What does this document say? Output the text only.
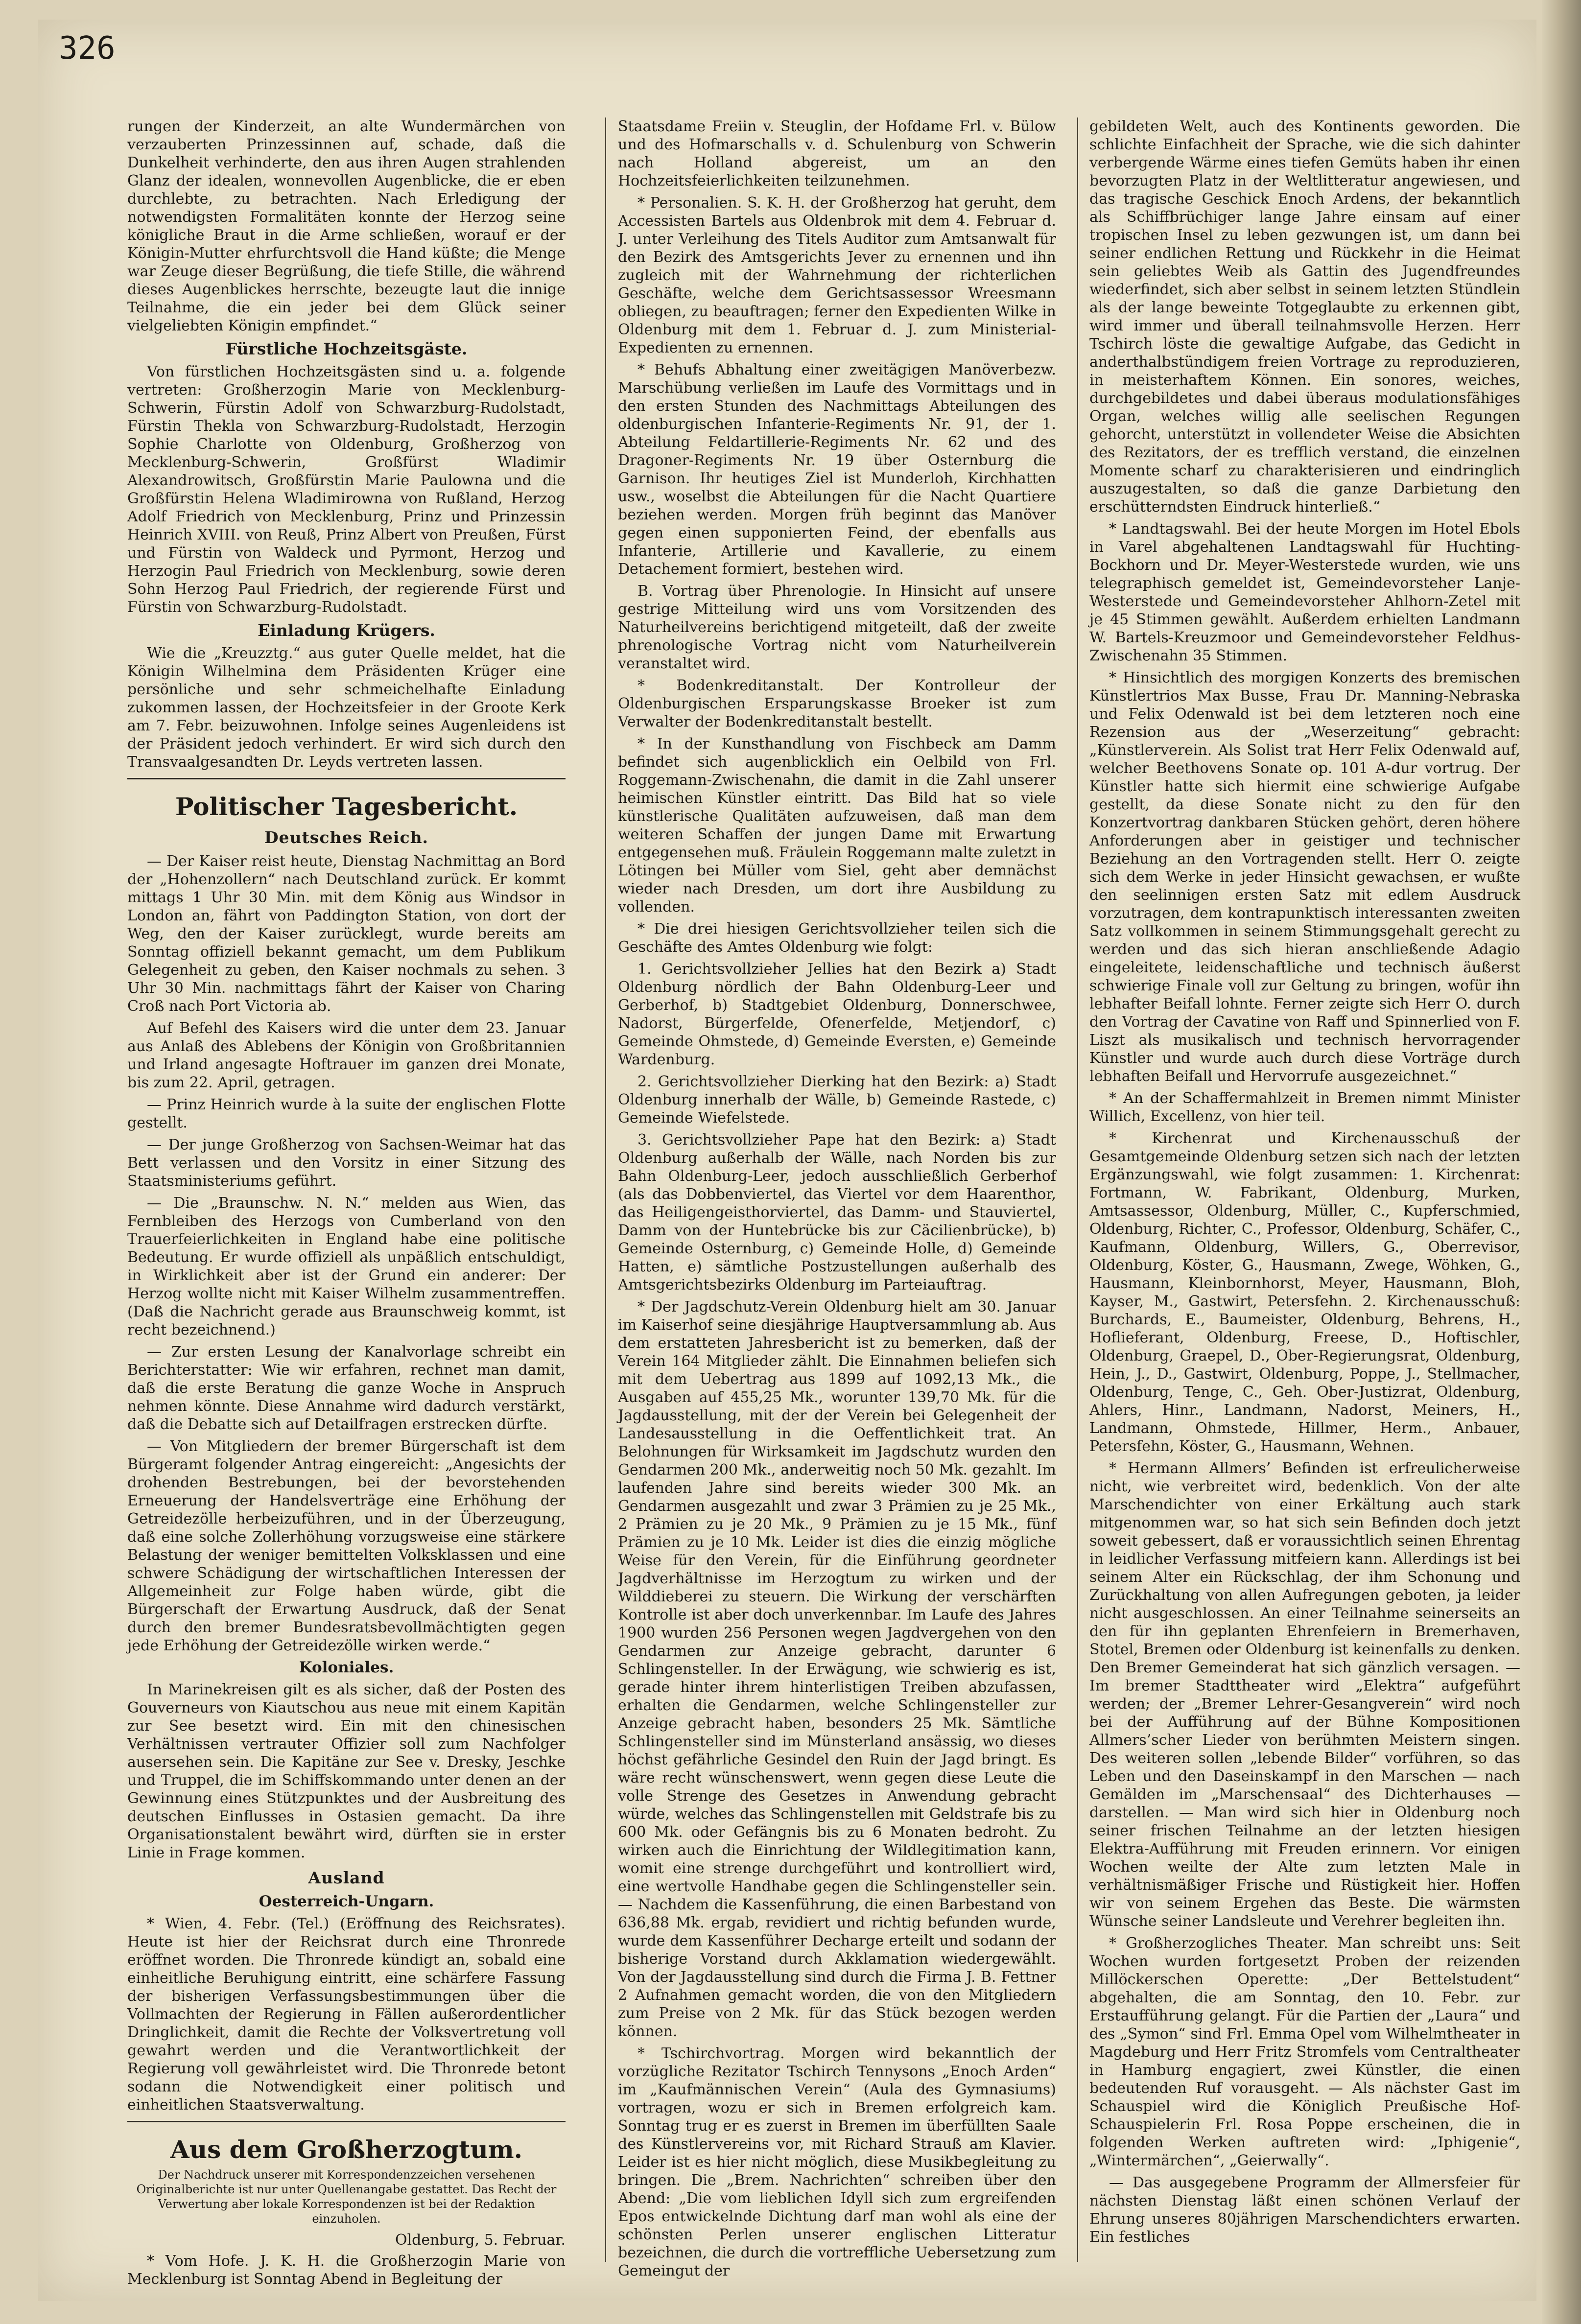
326

rungen der Kinderzeit, an alte Wundermärchen von verzauberten Prinzessinnen auf, schade, daß die Dunkelheit verhinderte, den aus ihren Augen strahlenden Glanz der idealen, wonnevollen Augenblicke, die er eben durchlebte, zu betrachten. Nach Erledigung der notwendigsten Formalitäten konnte der Herzog seine königliche Braut in die Arme schließen, worauf er der Königin-Mutter ehrfurchtsvoll die Hand küßte; die Menge war Zeuge dieser Begrüßung, die tiefe Stille, die während dieses Augenblickes herrschte, bezeugte laut die innige Teilnahme, die ein jeder bei dem Glück seiner vielgeliebten Königin empfindet.“

Fürstliche Hochzeitsgäste.

Von fürstlichen Hochzeitsgästen sind u. a. folgende vertreten: Großherzogin Marie von Mecklenburg-Schwerin, Fürstin Adolf von Schwarzburg-Rudolstadt, Fürstin Thekla von Schwarzburg-Rudolstadt, Herzogin Sophie Charlotte von Oldenburg, Großherzog von Mecklenburg-Schwerin, Großfürst Wladimir Alexandrowitsch, Großfürstin Marie Paulowna und die Großfürstin Helena Wladimirowna von Rußland, Herzog Adolf Friedrich von Mecklenburg, Prinz und Prinzessin Heinrich XVIII. von Reuß, Prinz Albert von Preußen, Fürst und Fürstin von Waldeck und Pyrmont, Herzog und Herzogin Paul Friedrich von Mecklenburg, sowie deren Sohn Herzog Paul Friedrich, der regierende Fürst und Fürstin von Schwarzburg-Rudolstadt.

Einladung Krügers.

Wie die „Kreuzztg.“ aus guter Quelle meldet, hat die Königin Wilhelmina dem Präsidenten Krüger eine persönliche und sehr schmeichelhafte Einladung zukommen lassen, der Hochzeitsfeier in der Groote Kerk am 7. Febr. beizuwohnen. Infolge seines Augenleidens ist der Präsident jedoch verhindert. Er wird sich durch den Transvaalgesandten Dr. Leyds vertreten lassen.

Politischer Tagesbericht.
Deutsches Reich.

— Der Kaiser reist heute, Dienstag Nachmittag an Bord der „Hohenzollern“ nach Deutschland zurück. Er kommt mittags 1 Uhr 30 Min. mit dem König aus Windsor in London an, fährt von Paddington Station, von dort der Weg, den der Kaiser zurücklegt, wurde bereits am Sonntag offiziell bekannt gemacht, um dem Publikum Gelegenheit zu geben, den Kaiser nochmals zu sehen. 3 Uhr 30 Min. nachmittags fährt der Kaiser von Charing Croß nach Port Victoria ab.

Auf Befehl des Kaisers wird die unter dem 23. Januar aus Anlaß des Ablebens der Königin von Großbritannien und Irland angesagte Hoftrauer im ganzen drei Monate, bis zum 22. April, getragen.

— Prinz Heinrich wurde à la suite der englischen Flotte gestellt.

— Der junge Großherzog von Sachsen-Weimar hat das Bett verlassen und den Vorsitz in einer Sitzung des Staatsministeriums geführt.

— Die „Braunschw. N. N.“ melden aus Wien, das Fernbleiben des Herzogs von Cumberland von den Trauerfeierlichkeiten in England habe eine politische Bedeutung. Er wurde offiziell als unpäßlich entschuldigt, in Wirklichkeit aber ist der Grund ein anderer: Der Herzog wollte nicht mit Kaiser Wilhelm zusammentreffen. (Daß die Nachricht gerade aus Braunschweig kommt, ist recht bezeichnend.)

— Zur ersten Lesung der Kanalvorlage schreibt ein Berichterstatter: Wie wir erfahren, rechnet man damit, daß die erste Beratung die ganze Woche in Anspruch nehmen könnte. Diese Annahme wird dadurch verstärkt, daß die Debatte sich auf Detailfragen erstrecken dürfte.

— Von Mitgliedern der bremer Bürgerschaft ist dem Bürgeramt folgender Antrag eingereicht: „Angesichts der drohenden Bestrebungen, bei der bevorstehenden Erneuerung der Handelsverträge eine Erhöhung der Getreidezölle herbeizuführen, und in der Überzeugung, daß eine solche Zollerhöhung vorzugsweise eine stärkere Belastung der weniger bemittelten Volksklassen und eine schwere Schädigung der wirtschaftlichen Interessen der Allgemeinheit zur Folge haben würde, gibt die Bürgerschaft der Erwartung Ausdruck, daß der Senat durch den bremer Bundesratsbevollmächtigten gegen jede Erhöhung der Getreidezölle wirken werde.“

Koloniales.

In Marinekreisen gilt es als sicher, daß der Posten des Gouverneurs von Kiautschou aus neue mit einem Kapitän zur See besetzt wird. Ein mit den chinesischen Verhältnissen vertrauter Offizier soll zum Nachfolger ausersehen sein. Die Kapitäne zur See v. Dresky, Jeschke und Truppel, die im Schiffskommando unter denen an der Gewinnung eines Stützpunktes und der Ausbreitung des deutschen Einflusses in Ostasien gemacht. Da ihre Organisationstalent bewährt wird, dürften sie in erster Linie in Frage kommen.

Ausland
Oesterreich-Ungarn.

* Wien, 4. Febr. (Tel.) (Eröffnung des Reichsrates). Heute ist hier der Reichsrat durch eine Thronrede eröffnet worden. Die Thronrede kündigt an, sobald eine einheitliche Beruhigung eintritt, eine schärfere Fassung der bisherigen Verfassungsbestimmungen über die Vollmachten der Regierung in Fällen außerordentlicher Dringlichkeit, damit die Rechte der Volksvertretung voll gewahrt werden und die Verantwortlichkeit der Regierung voll gewährleistet wird. Die Thronrede betont sodann die Notwendigkeit einer politisch und einheitlichen Staatsverwaltung.

Aus dem Großherzogtum.
Der Nachdruck unserer mit Korrespondenzzeichen versehenen Originalberichte ist nur unter Quellenangabe gestattet. Das Recht der Verwertung aber lokale Korrespondenzen ist bei der Redaktion einzuholen.
Oldenburg, 5. Februar.

* Vom Hofe. J. K. H. die Großherzogin Marie von Mecklenburg ist Sonntag Abend in Begleitung der

Staatsdame Freiin v. Steuglin, der Hofdame Frl. v. Bülow und des Hofmarschalls v. d. Schulenburg von Schwerin nach Holland abgereist, um an den Hochzeitsfeierlichkeiten teilzunehmen.

* Personalien. S. K. H. der Großherzog hat geruht, dem Accessisten Bartels aus Oldenbrok mit dem 4. Februar d. J. unter Verleihung des Titels Auditor zum Amtsanwalt für den Bezirk des Amtsgerichts Jever zu ernennen und ihn zugleich mit der Wahrnehmung der richterlichen Geschäfte, welche dem Gerichtsassessor Wreesmann obliegen, zu beauftragen; ferner den Expedienten Wilke in Oldenburg mit dem 1. Februar d. J. zum Ministerial-Expedienten zu ernennen.

* Behufs Abhaltung einer zweitägigen Manöverbezw. Marschübung verließen im Laufe des Vormittags und in den ersten Stunden des Nachmittags Abteilungen des oldenburgischen Infanterie-Regiments Nr. 91, der 1. Abteilung Feldartillerie-Regiments Nr. 62 und des Dragoner-Regiments Nr. 19 über Osternburg die Garnison. Ihr heutiges Ziel ist Munderloh, Kirchhatten usw., woselbst die Abteilungen für die Nacht Quartiere beziehen werden. Morgen früh beginnt das Manöver gegen einen supponierten Feind, der ebenfalls aus Infanterie, Artillerie und Kavallerie, zu einem Detachement formiert, bestehen wird.

B. Vortrag über Phrenologie. In Hinsicht auf unsere gestrige Mitteilung wird uns vom Vorsitzenden des Naturheilvereins berichtigend mitgeteilt, daß der zweite phrenologische Vortrag nicht vom Naturheilverein veranstaltet wird.

* Bodenkreditanstalt. Der Kontrolleur der Oldenburgischen Ersparungskasse Broeker ist zum Verwalter der Bodenkreditanstalt bestellt.

* In der Kunsthandlung von Fischbeck am Damm befindet sich augenblicklich ein Oelbild von Frl. Roggemann-Zwischenahn, die damit in die Zahl unserer heimischen Künstler eintritt. Das Bild hat so viele künstlerische Qualitäten aufzuweisen, daß man dem weiteren Schaffen der jungen Dame mit Erwartung entgegensehen muß. Fräulein Roggemann malte zuletzt in Lötingen bei Müller vom Siel, geht aber demnächst wieder nach Dresden, um dort ihre Ausbildung zu vollenden.

* Die drei hiesigen Gerichtsvollzieher teilen sich die Geschäfte des Amtes Oldenburg wie folgt:

1. Gerichtsvollzieher Jellies hat den Bezirk a) Stadt Oldenburg nördlich der Bahn Oldenburg-Leer und Gerberhof, b) Stadtgebiet Oldenburg, Donnerschwee, Nadorst, Bürgerfelde, Ofenerfelde, Metjendorf, c) Gemeinde Ohmstede, d) Gemeinde Eversten, e) Gemeinde Wardenburg.

2. Gerichtsvollzieher Dierking hat den Bezirk: a) Stadt Oldenburg innerhalb der Wälle, b) Gemeinde Rastede, c) Gemeinde Wiefelstede.

3. Gerichtsvollzieher Pape hat den Bezirk: a) Stadt Oldenburg außerhalb der Wälle, nach Norden bis zur Bahn Oldenburg-Leer, jedoch ausschließlich Gerberhof (als das Dobbenviertel, das Viertel vor dem Haarenthor, das Heiligengeisthorviertel, das Damm- und Stauviertel, Damm von der Huntebrücke bis zur Cäcilienbrücke), b) Gemeinde Osternburg, c) Gemeinde Holle, d) Gemeinde Hatten, e) sämtliche Postzustellungen außerhalb des Amtsgerichtsbezirks Oldenburg im Parteiauftrag.

* Der Jagdschutz-Verein Oldenburg hielt am 30. Januar im Kaiserhof seine diesjährige Hauptversammlung ab. Aus dem erstatteten Jahresbericht ist zu bemerken, daß der Verein 164 Mitglieder zählt. Die Einnahmen beliefen sich mit dem Uebertrag aus 1899 auf 1092,13 Mk., die Ausgaben auf 455,25 Mk., worunter 139,70 Mk. für die Jagdausstellung, mit der der Verein bei Gelegenheit der Landesausstellung in die Oeffentlichkeit trat. An Belohnungen für Wirksamkeit im Jagdschutz wurden den Gendarmen 200 Mk., anderweitig noch 50 Mk. gezahlt. Im laufenden Jahre sind bereits wieder 300 Mk. an Gendarmen ausgezahlt und zwar 3 Prämien zu je 25 Mk., 2 Prämien zu je 20 Mk., 9 Prämien zu je 15 Mk., fünf Prämien zu je 10 Mk. Leider ist dies die einzig mögliche Weise für den Verein, für die Einführung geordneter Jagdverhältnisse im Herzogtum zu wirken und der Wilddieberei zu steuern. Die Wirkung der verschärften Kontrolle ist aber doch unverkennbar. Im Laufe des Jahres 1900 wurden 256 Personen wegen Jagdvergehen von den Gendarmen zur Anzeige gebracht, darunter 6 Schlingensteller. In der Erwägung, wie schwierig es ist, gerade hinter ihrem hinterlistigen Treiben abzufassen, erhalten die Gendarmen, welche Schlingensteller zur Anzeige gebracht haben, besonders 25 Mk. Sämtliche Schlingensteller sind im Münsterland ansässig, wo dieses höchst gefährliche Gesindel den Ruin der Jagd bringt. Es wäre recht wünschenswert, wenn gegen diese Leute die volle Strenge des Gesetzes in Anwendung gebracht würde, welches das Schlingenstellen mit Geldstrafe bis zu 600 Mk. oder Gefängnis bis zu 6 Monaten bedroht. Zu wirken auch die Einrichtung der Wildlegitimation kann, womit eine strenge durchgeführt und kontrolliert wird, eine wertvolle Handhabe gegen die Schlingensteller sein. — Nachdem die Kassenführung, die einen Barbestand von 636,88 Mk. ergab, revidiert und richtig befunden wurde, wurde dem Kassenführer Decharge erteilt und sodann der bisherige Vorstand durch Akklamation wiedergewählt. Von der Jagdausstellung sind durch die Firma J. B. Fettner 2 Aufnahmen gemacht worden, die von den Mitgliedern zum Preise von 2 Mk. für das Stück bezogen werden können.

* Tschirchvortrag. Morgen wird bekanntlich der vorzügliche Rezitator Tschirch Tennysons „Enoch Arden“ im „Kaufmännischen Verein“ (Aula des Gymnasiums) vortragen, wozu er sich in Bremen erfolgreich kam. Sonntag trug er es zuerst in Bremen im überfüllten Saale des Künstlervereins vor, mit Richard Strauß am Klavier. Leider ist es hier nicht möglich, diese Musikbegleitung zu bringen. Die „Brem. Nachrichten“ schreiben über den Abend: „Die vom lieblichen Idyll sich zum ergreifenden Epos entwickelnde Dichtung darf man wohl als eine der schönsten Perlen unserer englischen Litteratur bezeichnen, die durch die vortreffliche Uebersetzung zum Gemeingut der

gebildeten Welt, auch des Kontinents geworden. Die schlichte Einfachheit der Sprache, wie die sich dahinter verbergende Wärme eines tiefen Gemüts haben ihr einen bevorzugten Platz in der Weltlitteratur angewiesen, und das tragische Geschick Enoch Ardens, der bekanntlich als Schiffbrüchiger lange Jahre einsam auf einer tropischen Insel zu leben gezwungen ist, um dann bei seiner endlichen Rettung und Rückkehr in die Heimat sein geliebtes Weib als Gattin des Jugendfreundes wiederfindet, sich aber selbst in seinem letzten Stündlein als der lange beweinte Totgeglaubte zu erkennen gibt, wird immer und überall teilnahmsvolle Herzen. Herr Tschirch löste die gewaltige Aufgabe, das Gedicht in anderthalbstündigem freien Vortrage zu reproduzieren, in meisterhaftem Können. Ein sonores, weiches, durchgebildetes und dabei überaus modulationsfähiges Organ, welches willig alle seelischen Regungen gehorcht, unterstützt in vollendeter Weise die Absichten des Rezitators, der es trefflich verstand, die einzelnen Momente scharf zu charakterisieren und eindringlich auszugestalten, so daß die ganze Darbietung den erschütterndsten Eindruck hinterließ.“

* Landtagswahl. Bei der heute Morgen im Hotel Ebols in Varel abgehaltenen Landtagswahl für Huchting-Bockhorn und Dr. Meyer-Westerstede wurden, wie uns telegraphisch gemeldet ist, Gemeindevorsteher Lanje-Westerstede und Gemeindevorsteher Ahlhorn-Zetel mit je 45 Stimmen gewählt. Außerdem erhielten Landmann W. Bartels-Kreuzmoor und Gemeindevorsteher Feldhus-Zwischenahn 35 Stimmen.

* Hinsichtlich des morgigen Konzerts des bremischen Künstlertrios Max Busse, Frau Dr. Manning-Nebraska und Felix Odenwald ist bei dem letzteren noch eine Rezension aus der „Weserzeitung“ gebracht: „Künstlerverein. Als Solist trat Herr Felix Odenwald auf, welcher Beethovens Sonate op. 101 A-dur vortrug. Der Künstler hatte sich hiermit eine schwierige Aufgabe gestellt, da diese Sonate nicht zu den für den Konzertvortrag dankbaren Stücken gehört, deren höhere Anforderungen aber in geistiger und technischer Beziehung an den Vortragenden stellt. Herr O. zeigte sich dem Werke in jeder Hinsicht gewachsen, er wußte den seelinnigen ersten Satz mit edlem Ausdruck vorzutragen, dem kontrapunktisch interessanten zweiten Satz vollkommen in seinem Stimmungsgehalt gerecht zu werden und das sich hieran anschließende Adagio eingeleitete, leidenschaftliche und technisch äußerst schwierige Finale voll zur Geltung zu bringen, wofür ihn lebhafter Beifall lohnte. Ferner zeigte sich Herr O. durch den Vortrag der Cavatine von Raff und Spinnerlied von F. Liszt als musikalisch und technisch hervorragender Künstler und wurde auch durch diese Vorträge durch lebhaften Beifall und Hervorrufe ausgezeichnet.“

* An der Schaffermahlzeit in Bremen nimmt Minister Willich, Excellenz, von hier teil.

* Kirchenrat und Kirchenausschuß der Gesamtgemeinde Oldenburg setzen sich nach der letzten Ergänzungswahl, wie folgt zusammen: 1. Kirchenrat: Fortmann, W. Fabrikant, Oldenburg, Murken, Amtsassessor, Oldenburg, Müller, C., Kupferschmied, Oldenburg, Richter, C., Professor, Oldenburg, Schäfer, C., Kaufmann, Oldenburg, Willers, G., Oberrevisor, Oldenburg, Köster, G., Hausmann, Zwege, Wöhken, G., Hausmann, Kleinbornhorst, Meyer, Hausmann, Bloh, Kayser, M., Gastwirt, Petersfehn. 2. Kirchenausschuß: Burchards, E., Baumeister, Oldenburg, Behrens, H., Hoflieferant, Oldenburg, Freese, D., Hoftischler, Oldenburg, Graepel, D., Ober-Regierungsrat, Oldenburg, Hein, J., D., Gastwirt, Oldenburg, Poppe, J., Stellmacher, Oldenburg, Tenge, C., Geh. Ober-Justizrat, Oldenburg, Ahlers, Hinr., Landmann, Nadorst, Meiners, H., Landmann, Ohmstede, Hillmer, Herm., Anbauer, Petersfehn, Köster, G., Hausmann, Wehnen.

* Hermann Allmers’ Befinden ist erfreulicherweise nicht, wie verbreitet wird, bedenklich. Von der alte Marschendichter von einer Erkältung auch stark mitgenommen war, so hat sich sein Befinden doch jetzt soweit gebessert, daß er voraussichtlich seinen Ehrentag in leidlicher Verfassung mitfeiern kann. Allerdings ist bei seinem Alter ein Rückschlag, der ihm Schonung und Zurückhaltung von allen Aufregungen geboten, ja leider nicht ausgeschlossen. An einer Teilnahme seinerseits an den für ihn geplanten Ehrenfeiern in Bremerhaven, Stotel, Bremen oder Oldenburg ist keinenfalls zu denken. Den Bremer Gemeinderat hat sich gänzlich versagen. — Im bremer Stadttheater wird „Elektra“ aufgeführt werden; der „Bremer Lehrer-Gesangverein“ wird noch bei der Aufführung auf der Bühne Kompositionen Allmers’scher Lieder von berühmten Meistern singen. Des weiteren sollen „lebende Bilder“ vorführen, so das Leben und den Daseinskampf in den Marschen — nach Gemälden im „Marschensaal“ des Dichterhauses — darstellen. — Man wird sich hier in Oldenburg noch seiner frischen Teilnahme an der letzten hiesigen Elektra-Aufführung mit Freuden erinnern. Vor einigen Wochen weilte der Alte zum letzten Male in verhältnismäßiger Frische und Rüstigkeit hier. Hoffen wir von seinem Ergehen das Beste. Die wärmsten Wünsche seiner Landsleute und Verehrer begleiten ihn.

* Großherzogliches Theater. Man schreibt uns: Seit Wochen wurden fortgesetzt Proben der reizenden Millöckerschen Operette: „Der Bettelstudent“ abgehalten, die am Sonntag, den 10. Febr. zur Erstaufführung gelangt. Für die Partien der „Laura“ und des „Symon“ sind Frl. Emma Opel vom Wilhelmtheater in Magdeburg und Herr Fritz Stromfels vom Centraltheater in Hamburg engagiert, zwei Künstler, die einen bedeutenden Ruf vorausgeht. — Als nächster Gast im Schauspiel wird die Königlich Preußische Hof-Schauspielerin Frl. Rosa Poppe erscheinen, die in folgenden Werken auftreten wird: „Iphigenie“, „Wintermärchen“, „Geierwally“.

— Das ausgegebene Programm der Allmersfeier für nächsten Dienstag läßt einen schönen Verlauf der Ehrung unseres 80jährigen Marschendichters erwarten. Ein festliches
